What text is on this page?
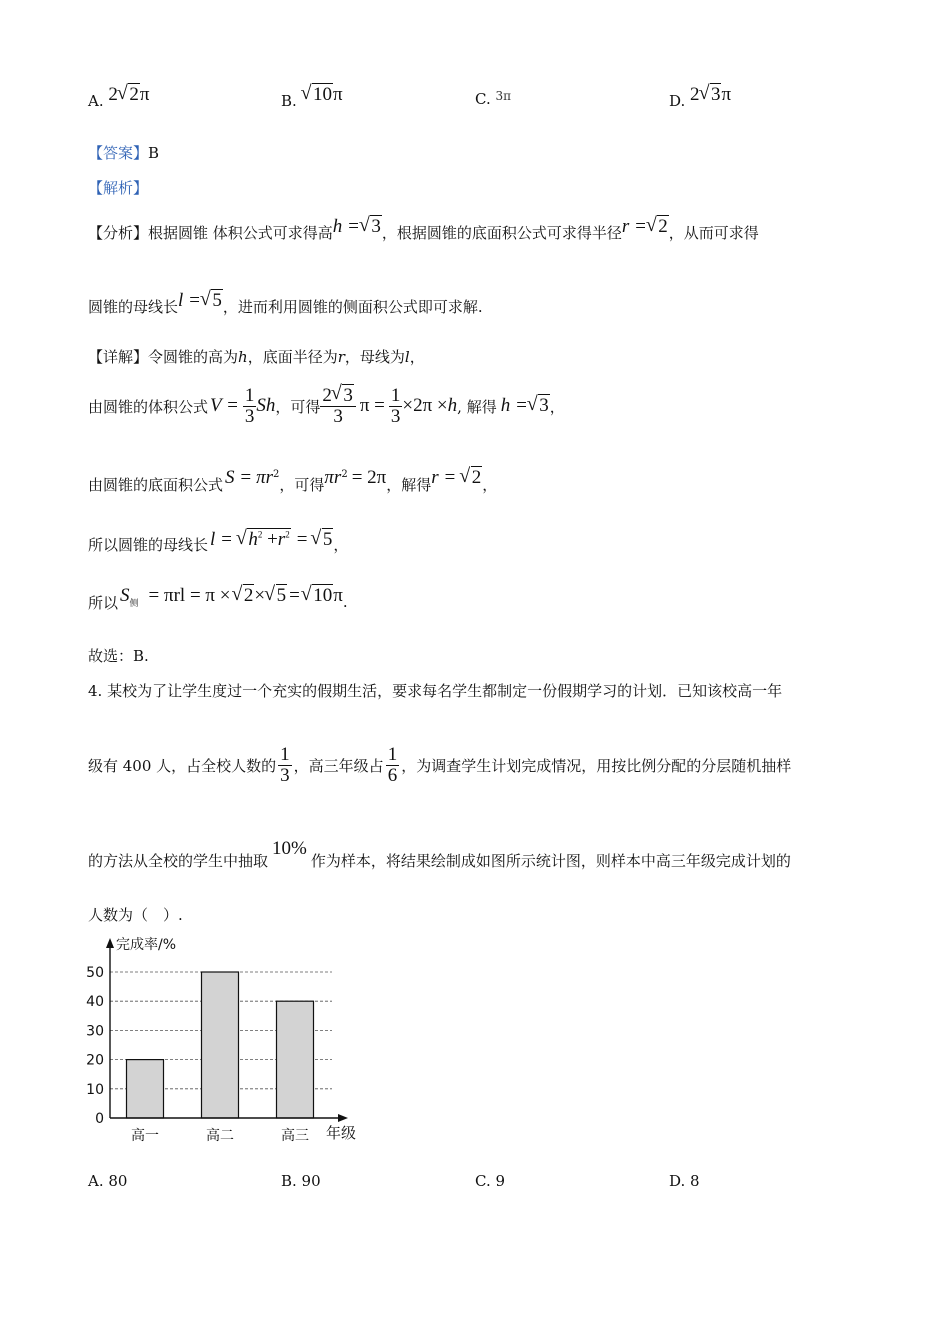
A. 2 √ 2π	B. √ 10π	C. $^{3\pi}$	D. 2 √ 3π
【答案】B
【解析】
【分析】根据圆锥 体积公式可求得高h = √ 3，根据圆锥的底面积公式可求得半径r = √ 2，从而可求得
圆锥的母线长l = √ 5，进而利用圆锥的侧面积公式即可求解.
【详解】令圆锥的高为h，底面半径为r，母线为l，
由圆锥的体积公式 $V = \frac{1}{3}$ Sh ，可得 $\frac{2 √ 3}{3}$ $\pi = \frac{1}{3} \times 2\pi \times h$ , 解得 h = √ 3 ，
由圆锥的底面积公式 $S = \pi r^2$
，可得 $\pi r^2 = 2\pi$ ，解得 r = √ 2 ，
所以圆锥的母线长 l = √ $h^2 +r^2$ = √ 5 ，
所以 S 侧 = πrl = π × √ 2 × √ 5 = √ 10 π .
故选：B.
4. 某校为了让学生度过一个充实的假期生活，要求每名学生都制定一份假期学习的计划．已知该校高一年
级有 400 人，占全校人数的 $\frac{1}{3}$ ，高三年级占 $\frac{1}{6}$ ，为调查学生计划完成情况，用按比例分配的分层随机抽样
的方法从全校的学生中抽取10%作为样本，将结果绘制成如图所示统计图，则样本中高三年级完成计划的
人数为（　）.
0
10
20
30
40
50
高一	高二	高三
完成率/%
年级
A. 80	B. 90	C. 9	D. 8
